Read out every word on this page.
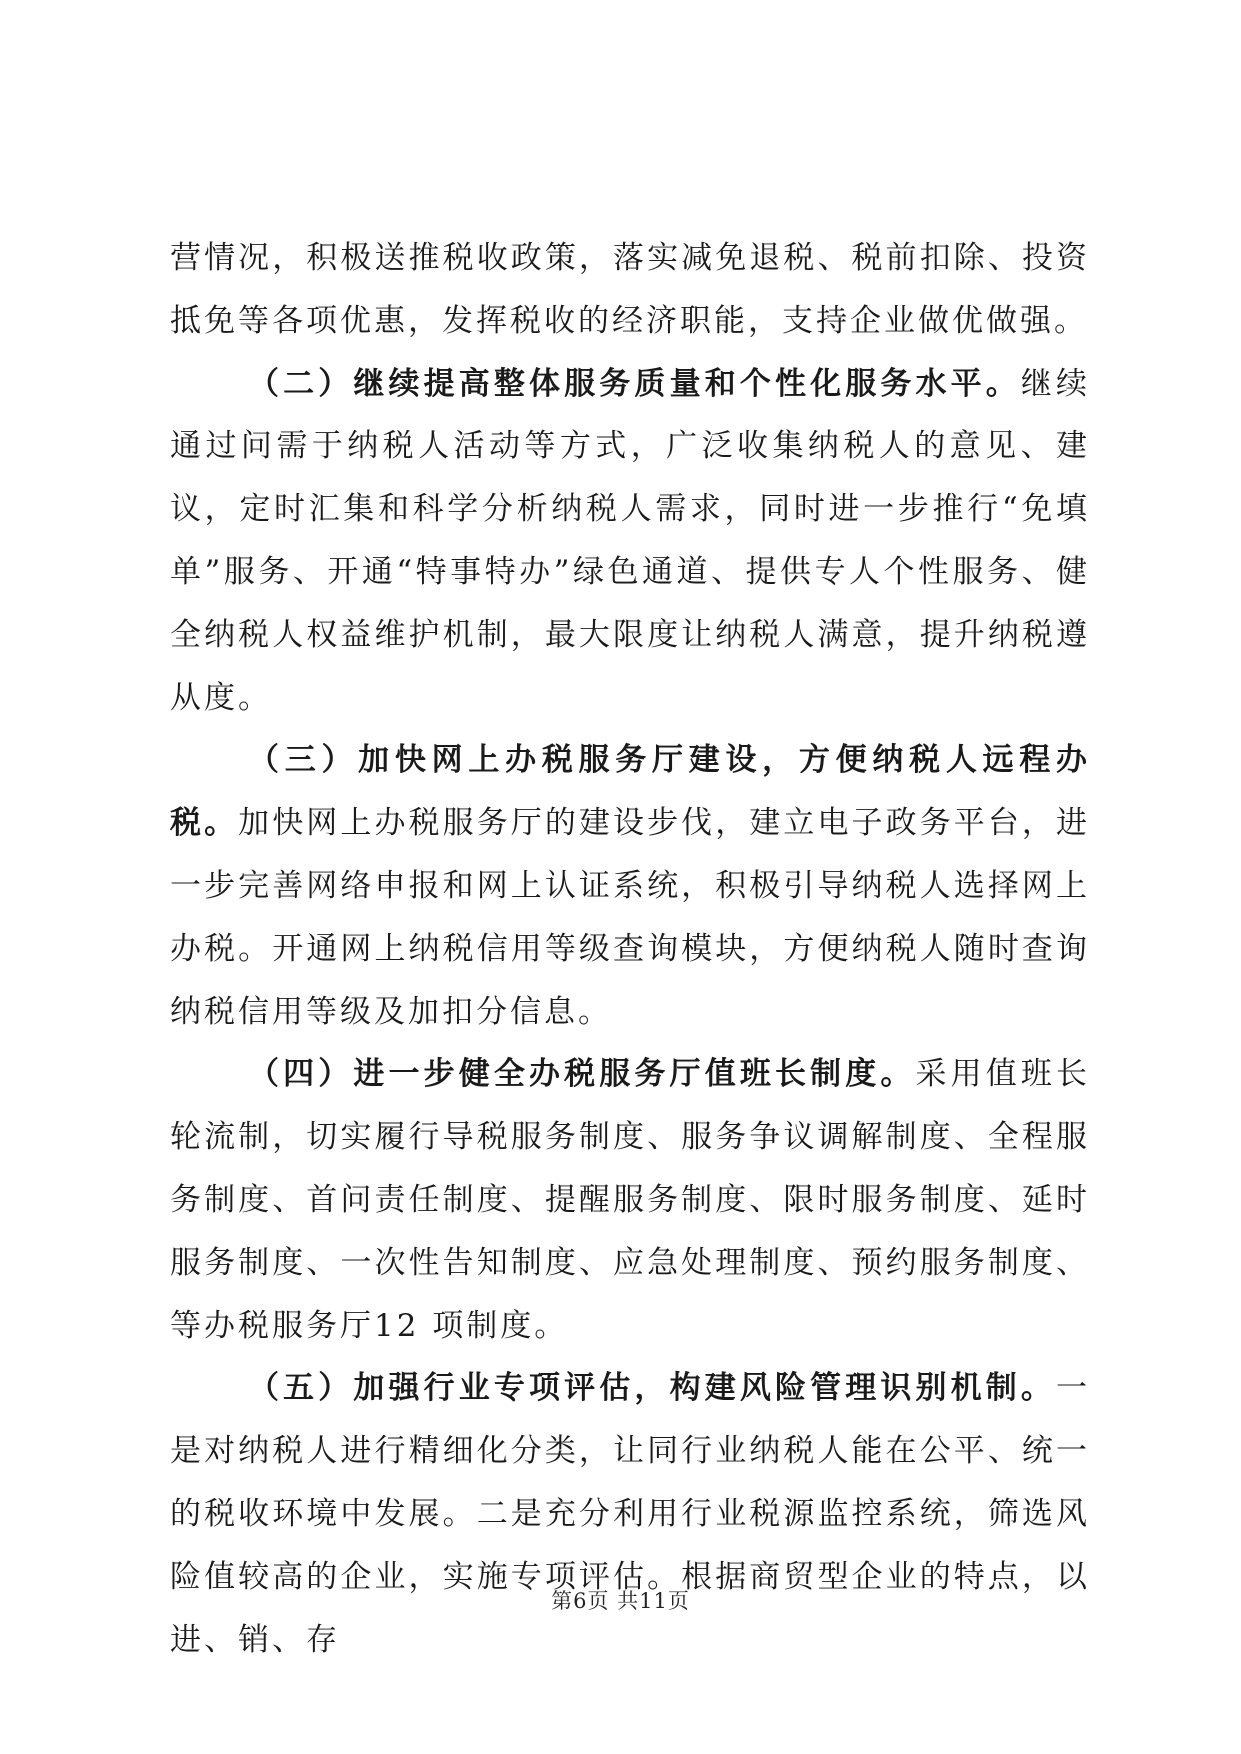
营情况，积极送推税收政策，落实减免退税、税前扣除、投资抵免等各项优惠，发挥税收的经济职能，支持企业做优做强。

（二）继续提高整体服务质量和个性化服务水平。继续通过问需于纳税人活动等方式，广泛收集纳税人的意见、建议，定时汇集和科学分析纳税人需求，同时进一步推行“免填单”服务、开通“特事特办”绿色通道、提供专人个性服务、健全纳税人权益维护机制，最大限度让纳税人满意，提升纳税遵从度。

（三）加快网上办税服务厅建设，方便纳税人远程办税。加快网上办税服务厅的建设步伐，建立电子政务平台，进一步完善网络申报和网上认证系统，积极引导纳税人选择网上办税。开通网上纳税信用等级查询模块，方便纳税人随时查询纳税信用等级及加扣分信息。

（四）进一步健全办税服务厅值班长制度。采用值班长轮流制，切实履行导税服务制度、服务争议调解制度、全程服务制度、首问责任制度、提醒服务制度、限时服务制度、延时服务制度、一次性告知制度、应急处理制度、预约服务制度、等办税服务厅12 项制度。

（五）加强行业专项评估，构建风险管理识别机制。一是对纳税人进行精细化分类，让同行业纳税人能在公平、统一的税收环境中发展。二是充分利用行业税源监控系统，筛选风险值较高的企业，实施专项评估。根据商贸型企业的特点，以进、销、存

第6页 共11页
